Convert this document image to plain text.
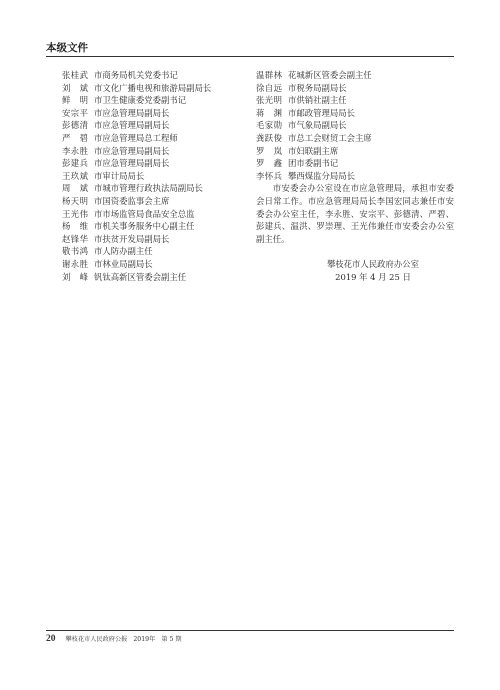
本级文件
张桂武 市商务局机关党委书记
刘斌 市文化广播电视和旅游局副局长
鲜明 市卫生健康委党委副书记
安宗平 市应急管理局副局长
彭德清 市应急管理局副局长
严碧 市应急管理局总工程师
李永胜 市应急管理局副局长
彭建兵 市应急管理局副局长
王玖斌 市审计局局长
周斌 市城市管理行政执法局副局长
杨天明 市国资委监事会主席
王光伟 市市场监管局食品安全总监
杨维 市机关事务服务中心副主任
赵锋华 市扶贫开发局副局长
敬书鸿 市人防办副主任
谢永胜 市林业局副局长
刘峰 钒钛高新区管委会副主任
温群林 花城新区管委会副主任
徐自远 市税务局副局长
张光明 市供销社副主任
蒋渊 市邮政管理局局长
毛家勋 市气象局副局长
龚跃俊 市总工会财贸工会主席
罗岚 市妇联副主席
罗鑫 团市委副书记
李怀兵 攀西煤监分局局长

市安委会办公室设在市应急管理局，承担市安委会日常工作。市应急管理局局长李国宏同志兼任市安委会办公室主任，李永胜、安宗平、彭德清、严碧、彭建兵、温洪、罗崇理、王光伟兼任市安委会办公室副主任。

攀枝花市人民政府办公室
2019 年 4 月 25 日
20 攀枝花市人民政府公报 2019年 第 5 期
